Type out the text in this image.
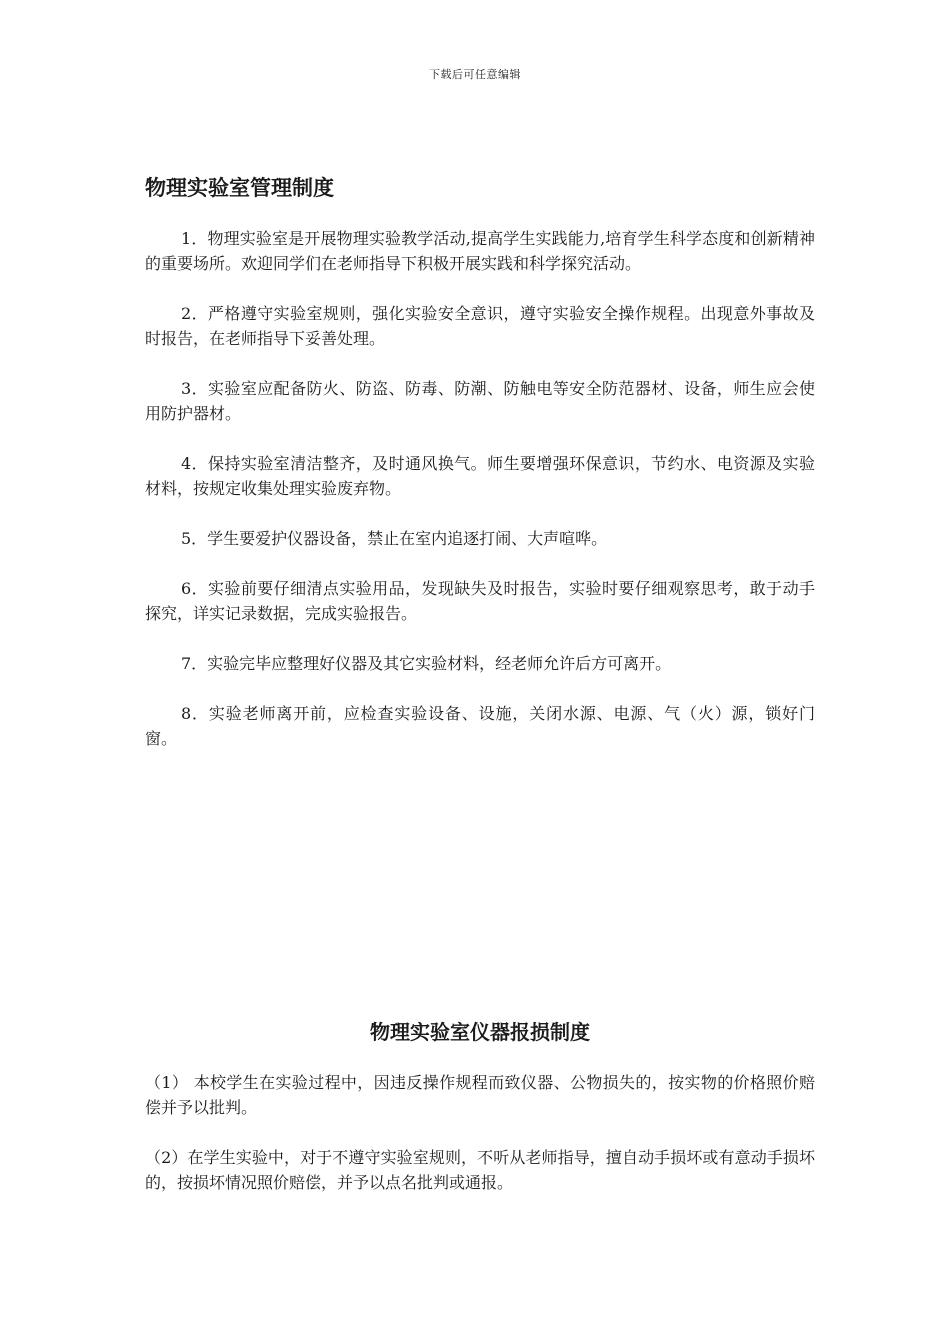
下载后可任意编辑
物理实验室管理制度

1．物理实验室是开展物理实验教学活动,提高学生实践能力,培育学生科学态度和创新精神的重要场所。欢迎同学们在老师指导下积极开展实践和科学探究活动。

2．严格遵守实验室规则，强化实验安全意识，遵守实验安全操作规程。出现意外事故及时报告，在老师指导下妥善处理。

3．实验室应配备防火、防盗、防毒、防潮、防触电等安全防范器材、设备，师生应会使用防护器材。

4．保持实验室清洁整齐，及时通风换气。师生要增强环保意识，节约水、电资源及实验材料，按规定收集处理实验废弃物。

5．学生要爱护仪器设备，禁止在室内追逐打闹、大声喧哗。

6．实验前要仔细清点实验用品，发现缺失及时报告，实验时要仔细观察思考，敢于动手探究，详实记录数据，完成实验报告。

7．实验完毕应整理好仪器及其它实验材料，经老师允许后方可离开。

8．实验老师离开前，应检查实验设备、设施，关闭水源、电源、气（火）源，锁好门窗。

物理实验室仪器报损制度

（1） 本校学生在实验过程中，因违反操作规程而致仪器、公物损失的，按实物的价格照价赔偿并予以批判。

（2）在学生实验中，对于不遵守实验室规则，不听从老师指导，擅自动手损坏或有意动手损坏的，按损坏情况照价赔偿，并予以点名批判或通报。
